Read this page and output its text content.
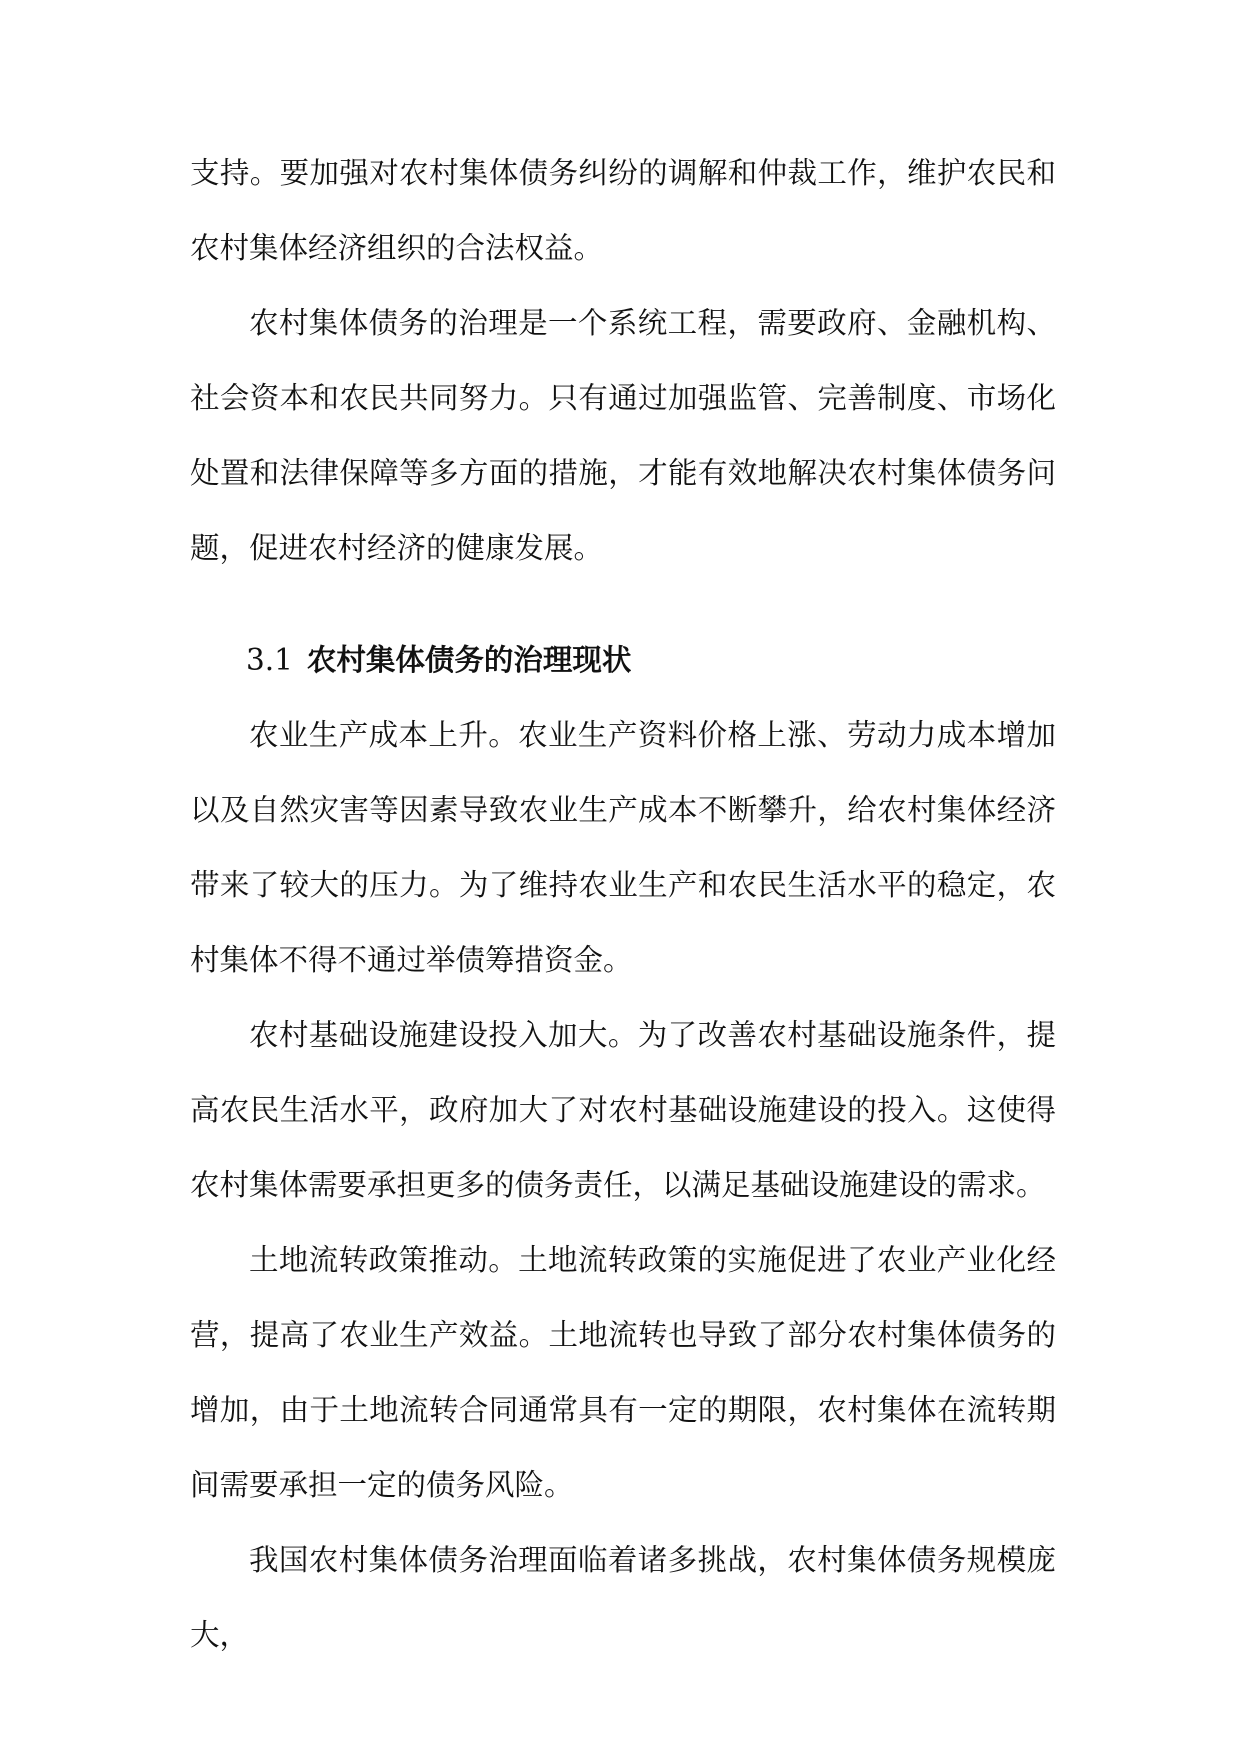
支持。要加强对农村集体债务纠纷的调解和仲裁工作，维护农民和农村集体经济组织的合法权益。

农村集体债务的治理是一个系统工程，需要政府、金融机构、社会资本和农民共同努力。只有通过加强监管、完善制度、市场化处置和法律保障等多方面的措施，才能有效地解决农村集体债务问题，促进农村经济的健康发展。

3.1 农村集体债务的治理现状

农业生产成本上升。农业生产资料价格上涨、劳动力成本增加以及自然灾害等因素导致农业生产成本不断攀升，给农村集体经济带来了较大的压力。为了维持农业生产和农民生活水平的稳定，农村集体不得不通过举债筹措资金。

农村基础设施建设投入加大。为了改善农村基础设施条件，提高农民生活水平，政府加大了对农村基础设施建设的投入。这使得农村集体需要承担更多的债务责任，以满足基础设施建设的需求。

土地流转政策推动。土地流转政策的实施促进了农业产业化经营，提高了农业生产效益。土地流转也导致了部分农村集体债务的增加，由于土地流转合同通常具有一定的期限，农村集体在流转期间需要承担一定的债务风险。

我国农村集体债务治理面临着诸多挑战，农村集体债务规模庞大，
